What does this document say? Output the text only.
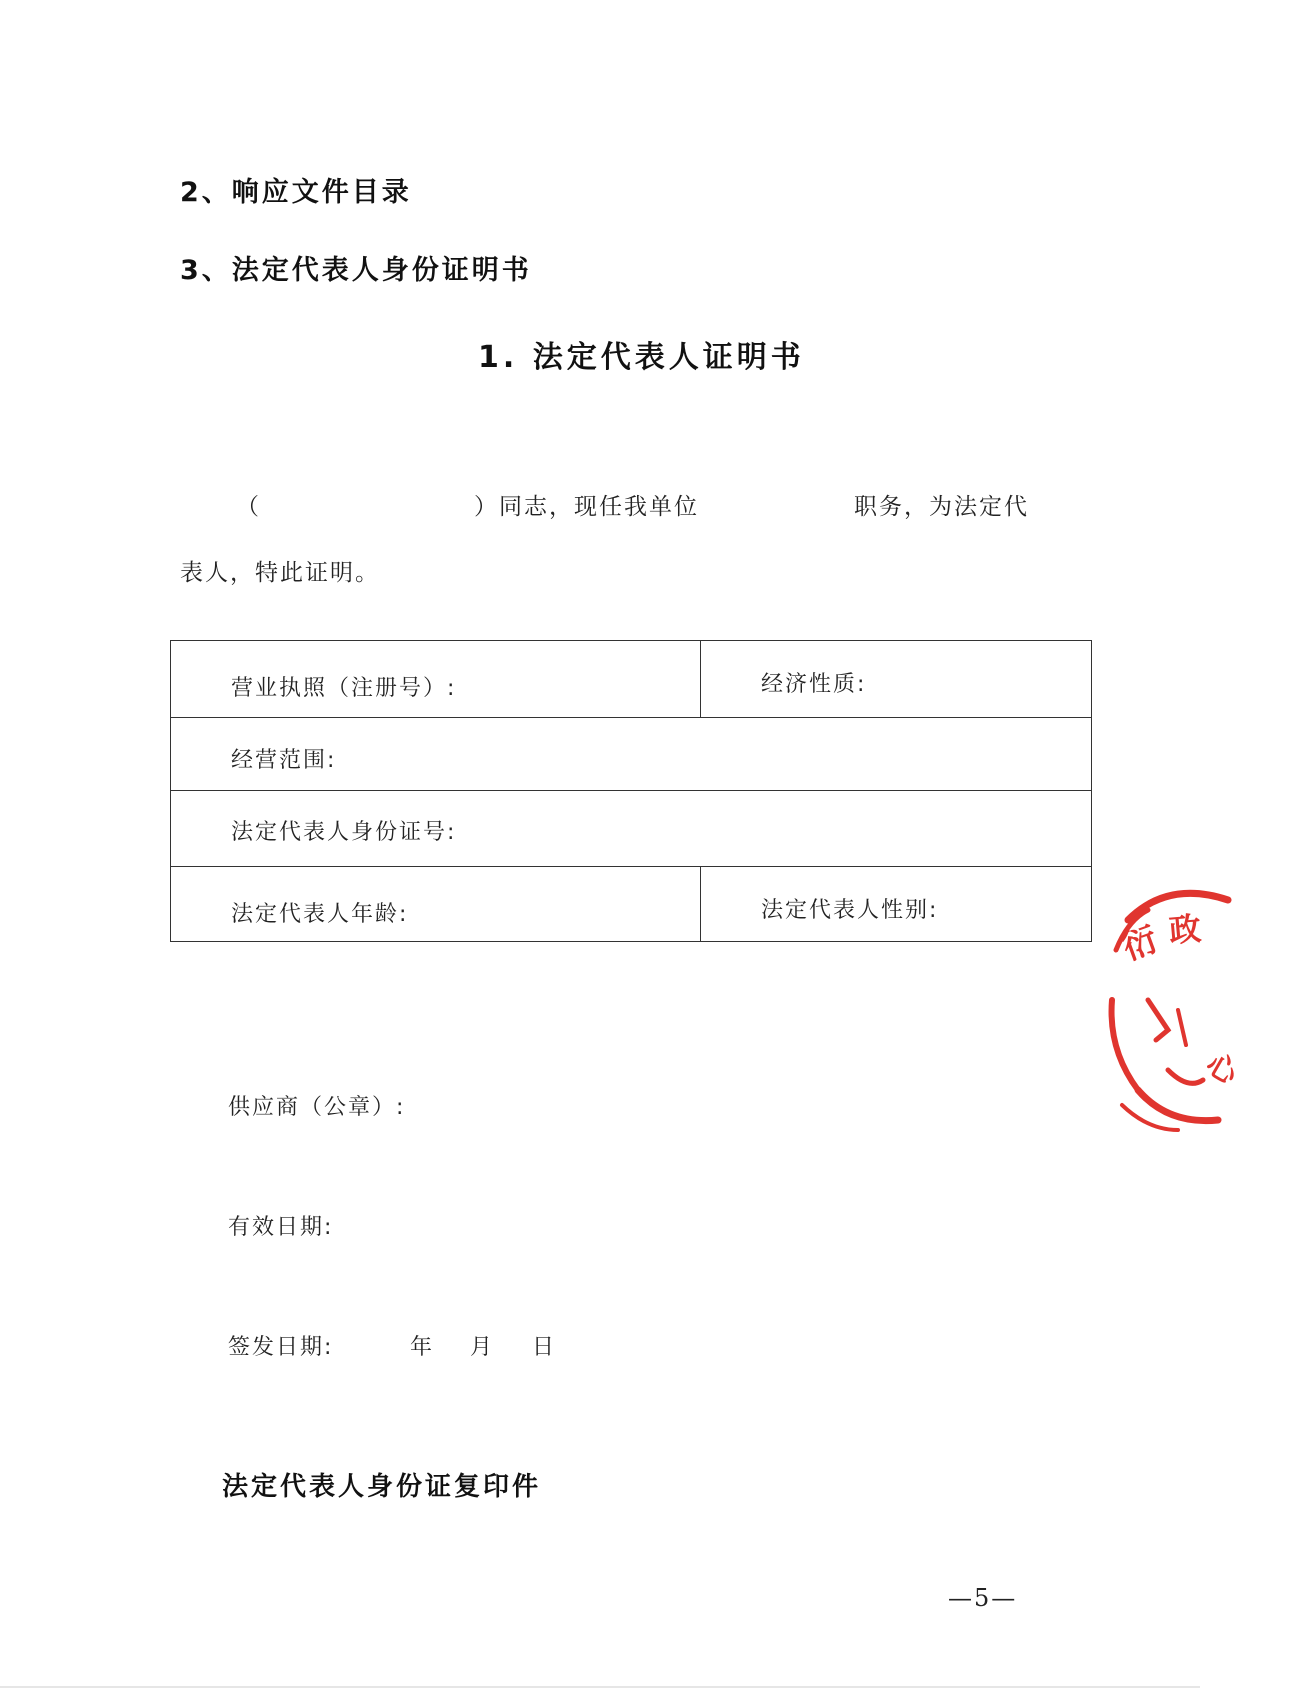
2、响应文件目录
3、法定代表人身份证明书
1. 法定代表人证明书
（	）同志，现任我单位	职务，为法定代
表人，特此证明。
营业执照（注册号）:	经济性质:
经营范围:
法定代表人身份证号:
法定代表人年龄:	法定代表人性别:
供应商（公章）:
有效日期:
签发日期:	年 月 日
法定代表人身份证复印件
—5—
衍 政
心
